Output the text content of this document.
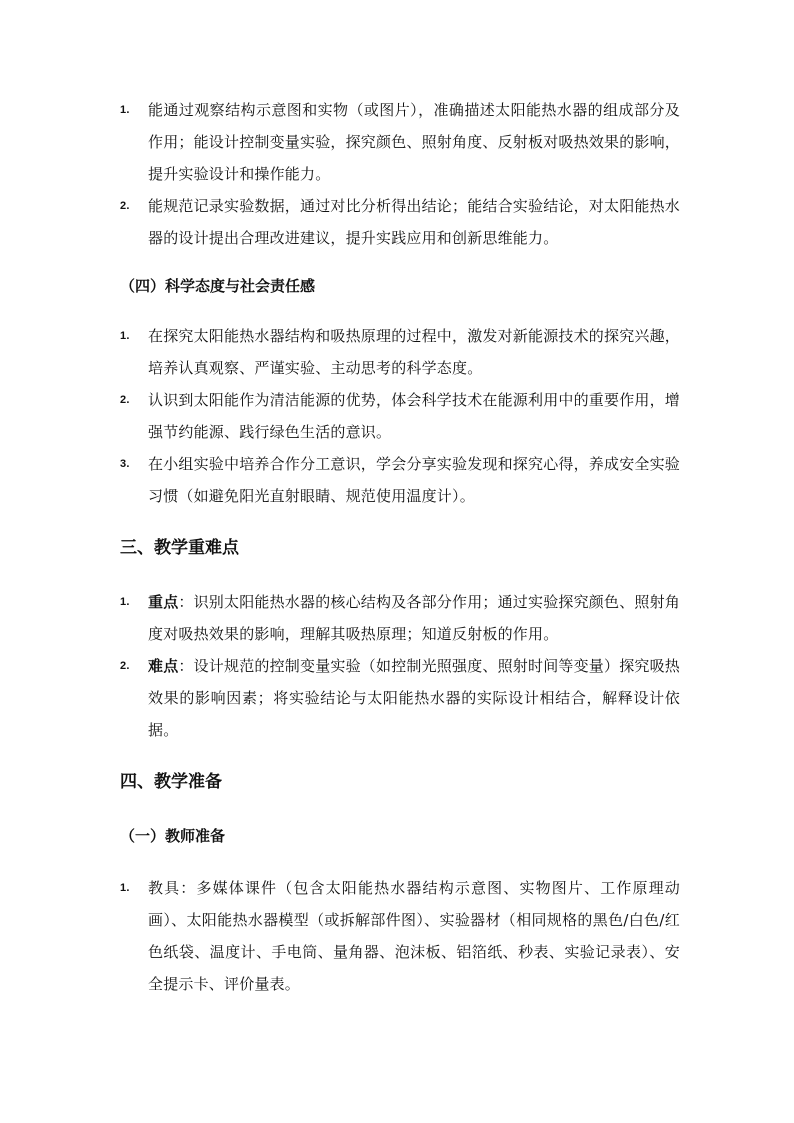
1. 能通过观察结构示意图和实物（或图片），准确描述太阳能热水器的组成部分及作用；能设计控制变量实验，探究颜色、照射角度、反射板对吸热效果的影响，提升实验设计和操作能力。
2. 能规范记录实验数据，通过对比分析得出结论；能结合实验结论，对太阳能热水器的设计提出合理改进建议，提升实践应用和创新思维能力。
（四）科学态度与社会责任感
1. 在探究太阳能热水器结构和吸热原理的过程中，激发对新能源技术的探究兴趣，培养认真观察、严谨实验、主动思考的科学态度。
2. 认识到太阳能作为清洁能源的优势，体会科学技术在能源利用中的重要作用，增强节约能源、践行绿色生活的意识。
3. 在小组实验中培养合作分工意识，学会分享实验发现和探究心得，养成安全实验习惯（如避免阳光直射眼睛、规范使用温度计）。
三、教学重难点
1. 重点：识别太阳能热水器的核心结构及各部分作用；通过实验探究颜色、照射角度对吸热效果的影响，理解其吸热原理；知道反射板的作用。
2. 难点：设计规范的控制变量实验（如控制光照强度、照射时间等变量）探究吸热效果的影响因素；将实验结论与太阳能热水器的实际设计相结合，解释设计依据。
四、教学准备
（一）教师准备
1. 教具：多媒体课件（包含太阳能热水器结构示意图、实物图片、工作原理动画）、太阳能热水器模型（或拆解部件图）、实验器材（相同规格的黑色/白色/红色纸袋、温度计、手电筒、量角器、泡沫板、铝箔纸、秒表、实验记录表）、安全提示卡、评价量表。
